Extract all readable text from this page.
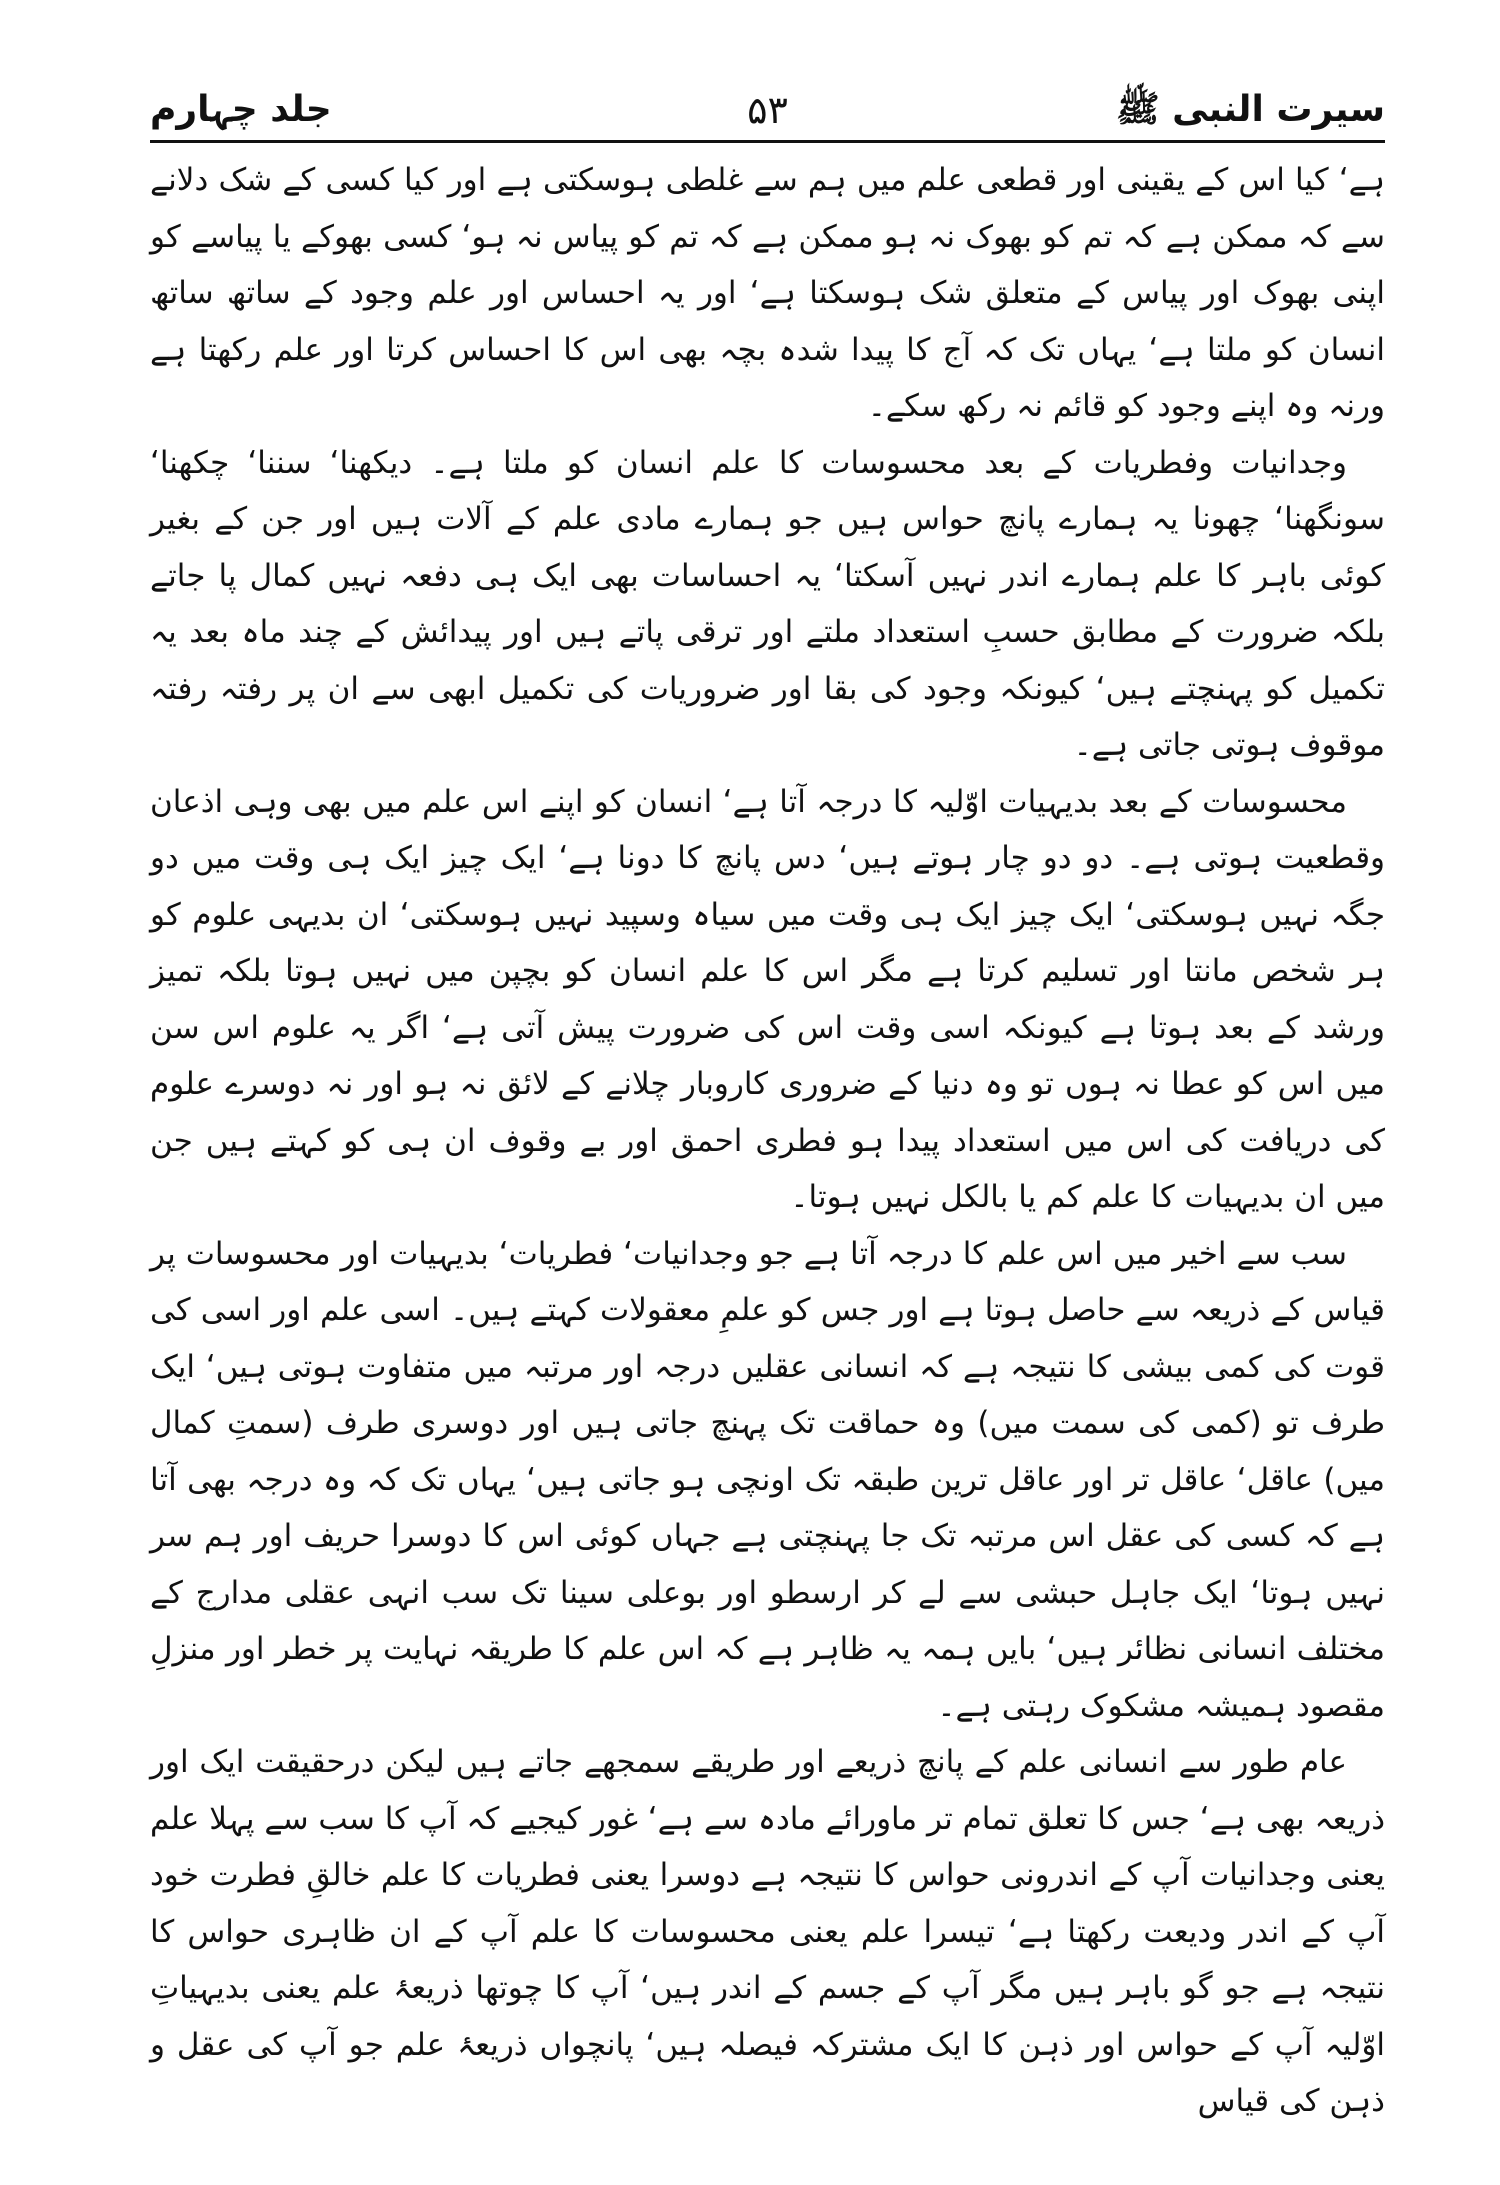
سیرت النبی ﷺ
۵۳
جلد چہارم

ہے‘ کیا اس کے یقینی اور قطعی علم میں ہم سے غلطی ہوسکتی ہے اور کیا کسی کے شک دلانے سے کہ ممکن ہے کہ تم کو بھوک نہ ہو ممکن ہے کہ تم کو پیاس نہ ہو‘ کسی بھوکے یا پیاسے کو اپنی بھوک اور پیاس کے متعلق شک ہوسکتا ہے‘ اور یہ احساس اور علم وجود کے ساتھ ساتھ انسان کو ملتا ہے‘ یہاں تک کہ آج کا پیدا شدہ بچہ بھی اس کا احساس کرتا اور علم رکھتا ہے ورنہ وہ اپنے وجود کو قائم نہ رکھ سکے۔

وجدانیات وفطریات کے بعد محسوسات کا علم انسان کو ملتا ہے۔ دیکھنا‘ سننا‘ چکھنا‘ سونگھنا‘ چھونا یہ ہمارے پانچ حواس ہیں جو ہمارے مادی علم کے آلات ہیں اور جن کے بغیر کوئی باہر کا علم ہمارے اندر نہیں آسکتا‘ یہ احساسات بھی ایک ہی دفعہ نہیں کمال پا جاتے بلکہ ضرورت کے مطابق حسبِ استعداد ملتے اور ترقی پاتے ہیں اور پیدائش کے چند ماہ بعد یہ تکمیل کو پہنچتے ہیں‘ کیونکہ وجود کی بقا اور ضروریات کی تکمیل ابھی سے ان پر رفتہ رفتہ موقوف ہوتی جاتی ہے۔

محسوسات کے بعد بدیہیات اوّلیہ کا درجہ آتا ہے‘ انسان کو اپنے اس علم میں بھی وہی اذعان وقطعیت ہوتی ہے۔ دو دو چار ہوتے ہیں‘ دس پانچ کا دونا ہے‘ ایک چیز ایک ہی وقت میں دو جگہ نہیں ہوسکتی‘ ایک چیز ایک ہی وقت میں سیاہ وسپید نہیں ہوسکتی‘ ان بدیہی علوم کو ہر شخص مانتا اور تسلیم کرتا ہے مگر اس کا علم انسان کو بچپن میں نہیں ہوتا بلکہ تمیز ورشد کے بعد ہوتا ہے کیونکہ اسی وقت اس کی ضرورت پیش آتی ہے‘ اگر یہ علوم اس سن میں اس کو عطا نہ ہوں تو وہ دنیا کے ضروری کاروبار چلانے کے لائق نہ ہو اور نہ دوسرے علوم کی دریافت کی اس میں استعداد پیدا ہو فطری احمق اور بے وقوف ان ہی کو کہتے ہیں جن میں ان بدیہیات کا علم کم یا بالکل نہیں ہوتا۔

سب سے اخیر میں اس علم کا درجہ آتا ہے جو وجدانیات‘ فطریات‘ بدیہیات اور محسوسات پر قیاس کے ذریعہ سے حاصل ہوتا ہے اور جس کو علمِ معقولات کہتے ہیں۔ اسی علم اور اسی کی قوت کی کمی بیشی کا نتیجہ ہے کہ انسانی عقلیں درجہ اور مرتبہ میں متفاوت ہوتی ہیں‘ ایک طرف تو (کمی کی سمت میں) وہ حماقت تک پہنچ جاتی ہیں اور دوسری طرف (سمتِ کمال میں) عاقل‘ عاقل تر اور عاقل ترین طبقہ تک اونچی ہو جاتی ہیں‘ یہاں تک کہ وہ درجہ بھی آتا ہے کہ کسی کی عقل اس مرتبہ تک جا پہنچتی ہے جہاں کوئی اس کا دوسرا حریف اور ہم سر نہیں ہوتا‘ ایک جاہل حبشی سے لے کر ارسطو اور بوعلی سینا تک سب انہی عقلی مدارج کے مختلف انسانی نظائر ہیں‘ بایں ہمہ یہ ظاہر ہے کہ اس علم کا طریقہ نہایت پر خطر اور منزلِ مقصود ہمیشہ مشکوک رہتی ہے۔

عام طور سے انسانی علم کے پانچ ذریعے اور طریقے سمجھے جاتے ہیں لیکن درحقیقت ایک اور ذریعہ بھی ہے‘ جس کا تعلق تمام تر ماورائے مادہ سے ہے‘ غور کیجیے کہ آپ کا سب سے پہلا علم یعنی وجدانیات آپ کے اندرونی حواس کا نتیجہ ہے دوسرا یعنی فطریات کا علم خالقِ فطرت خود آپ کے اندر ودیعت رکھتا ہے‘ تیسرا علم یعنی محسوسات کا علم آپ کے ان ظاہری حواس کا نتیجہ ہے جو گو باہر ہیں مگر آپ کے جسم کے اندر ہیں‘ آپ کا چوتھا ذریعۂ علم یعنی بدیہیاتِ اوّلیہ آپ کے حواس اور ذہن کا ایک مشترکہ فیصلہ ہیں‘ پانچواں ذریعۂ علم جو آپ کی عقل و ذہن کی قیاس
